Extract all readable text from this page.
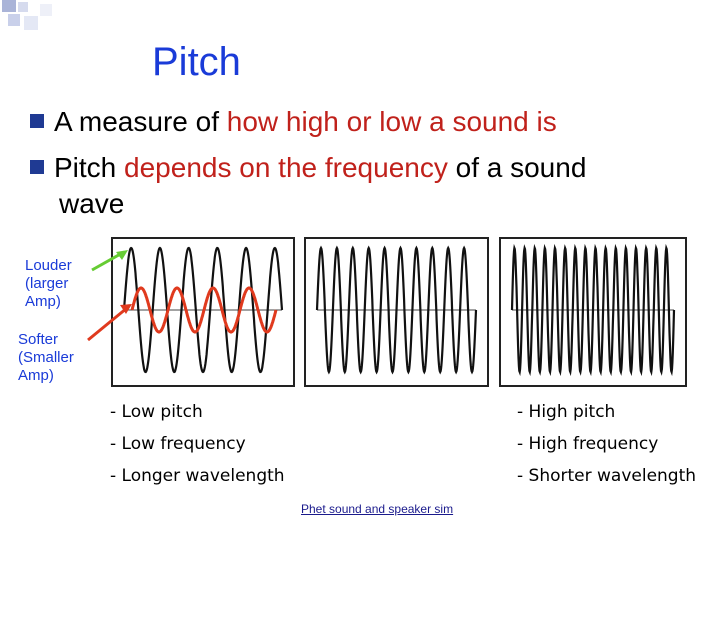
Pitch
A measure of how high or low a sound is
Pitch depends on the frequency of a sound
wave
Louder
(larger
Amp)
Softer
(Smaller
Amp)
- Low pitch
- Low frequency
- Longer wavelength
- High pitch
- High frequency
- Shorter wavelength
Phet sound and speaker sim
